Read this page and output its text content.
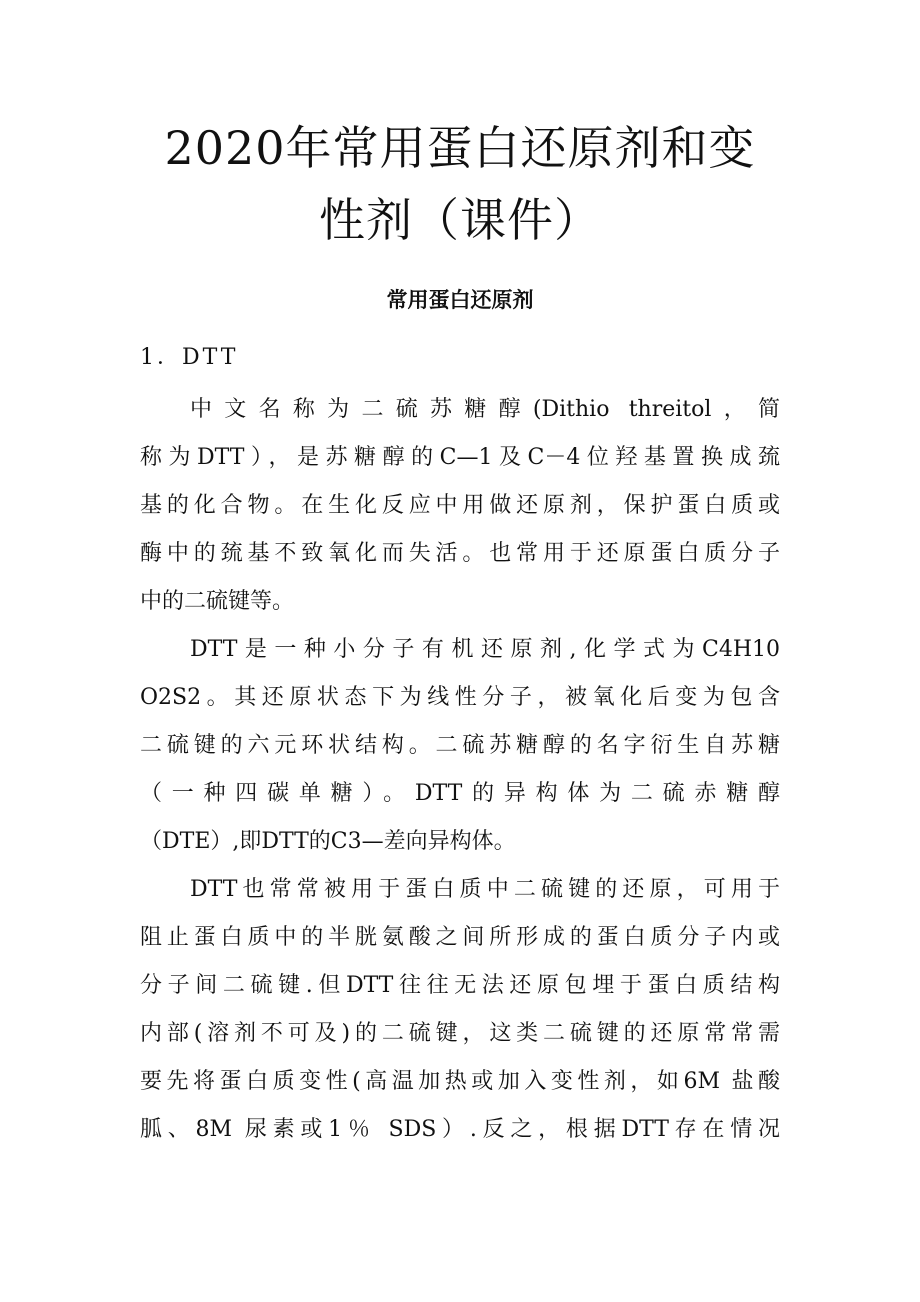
2020年常用蛋白还原剂和变
性剂（课件）
常用蛋白还原剂
1．DTT
中文名称为二硫苏糖醇(Dithio threitol，简
称为DTT），是苏糖醇的C—1及C－4位羟基置换成巯
基的化合物。在生化反应中用做还原剂，保护蛋白质或
酶中的巯基不致氧化而失活。也常用于还原蛋白质分子
中的二硫键等。
DTT是一种小分子有机还原剂,化学式为C4H10
O2S2。其还原状态下为线性分子，被氧化后变为包含
二硫键的六元环状结构。二硫苏糖醇的名字衍生自苏糖
（一种四碳单糖）。DTT的异构体为二硫赤糖醇
（DTE）,即DTT的C3—差向异构体。
DTT也常常被用于蛋白质中二硫键的还原，可用于
阻止蛋白质中的半胱氨酸之间所形成的蛋白质分子内或
分子间二硫键.但DTT往往无法还原包埋于蛋白质结构
内部(溶剂不可及)的二硫键，这类二硫键的还原常常需
要先将蛋白质变性(高温加热或加入变性剂，如6M 盐酸
胍、8M 尿素或1％ SDS）.反之，根据DTT存在情况
